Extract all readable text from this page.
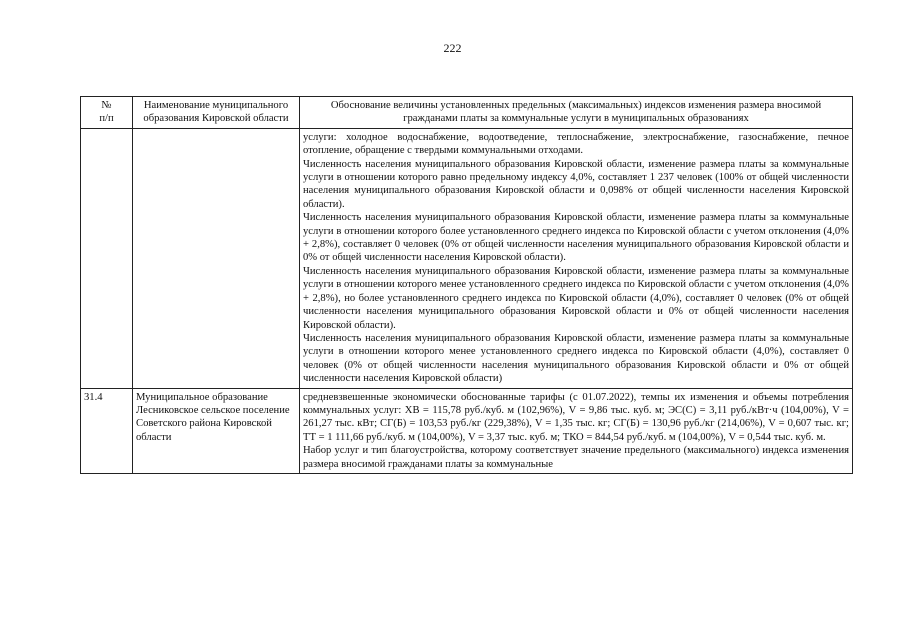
222
№
п/п	Наименование муниципального образования Кировской области	Обоснование величины установленных предельных (максимальных) индексов изменения размера вносимой гражданами платы за коммунальные услуги в муниципальных образованиях

		услуги: холодное водоснабжение, водоотведение, теплоснабжение, электроснабжение, газоснабжение, печное отопление, обращение с твердыми коммунальными отходами.

Численность населения муниципального образования Кировской области, изменение размера платы за коммунальные услуги в отношении которого равно предельному индексу 4,0%, составляет 1 237 человек (100% от общей численности населения муниципального образования Кировской области и 0,098% от общей численности населения Кировской области).

Численность населения муниципального образования Кировской области, изменение размера платы за коммунальные услуги в отношении которого более установленного среднего индекса по Кировской области с учетом отклонения (4,0% + 2,8%), составляет 0 человек (0% от общей численности населения муниципального образования Кировской области и 0% от общей численности населения Кировской области).

Численность населения муниципального образования Кировской области, изменение размера платы за коммунальные услуги в отношении которого менее установленного среднего индекса по Кировской области с учетом отклонения (4,0% + 2,8%), но более установленного среднего индекса по Кировской области (4,0%), составляет 0 человек (0% от общей численности населения муниципального образования Кировской области и 0% от общей численности населения Кировской области).

Численность населения муниципального образования Кировской области, изменение размера платы за коммунальные услуги в отношении которого менее установленного среднего индекса по Кировской области (4,0%), составляет 0 человек (0% от общей численности населения муниципального образования Кировской области и 0% от общей численности населения Кировской области)

31.4	Муниципальное образование Лесниковское сельское поселение Советского района Кировской области	средневзвешенные экономически обоснованные тарифы (с 01.07.2022), темпы их изменения и объемы потребления коммунальных услуг: ХВ = 115,78 руб./куб. м (102,96%), V = 9,86 тыс. куб. м; ЭС(С) = 3,11 руб./кВт·ч (104,00%), V = 261,27 тыс. кВт; СГ(Б) = 103,53 руб./кг (229,38%), V = 1,35 тыс. кг; СГ(Б) = 130,96 руб./кг (214,06%), V = 0,607 тыс. кг; ТТ = 1 111,66 руб./куб. м (104,00%), V = 3,37 тыс. куб. м; ТКО = 844,54 руб./куб. м (104,00%), V = 0,544 тыс. куб. м.

Набор услуг и тип благоустройства, которому соответствует значение предельного (максимального) индекса изменения размера вносимой гражданами платы за коммунальные
